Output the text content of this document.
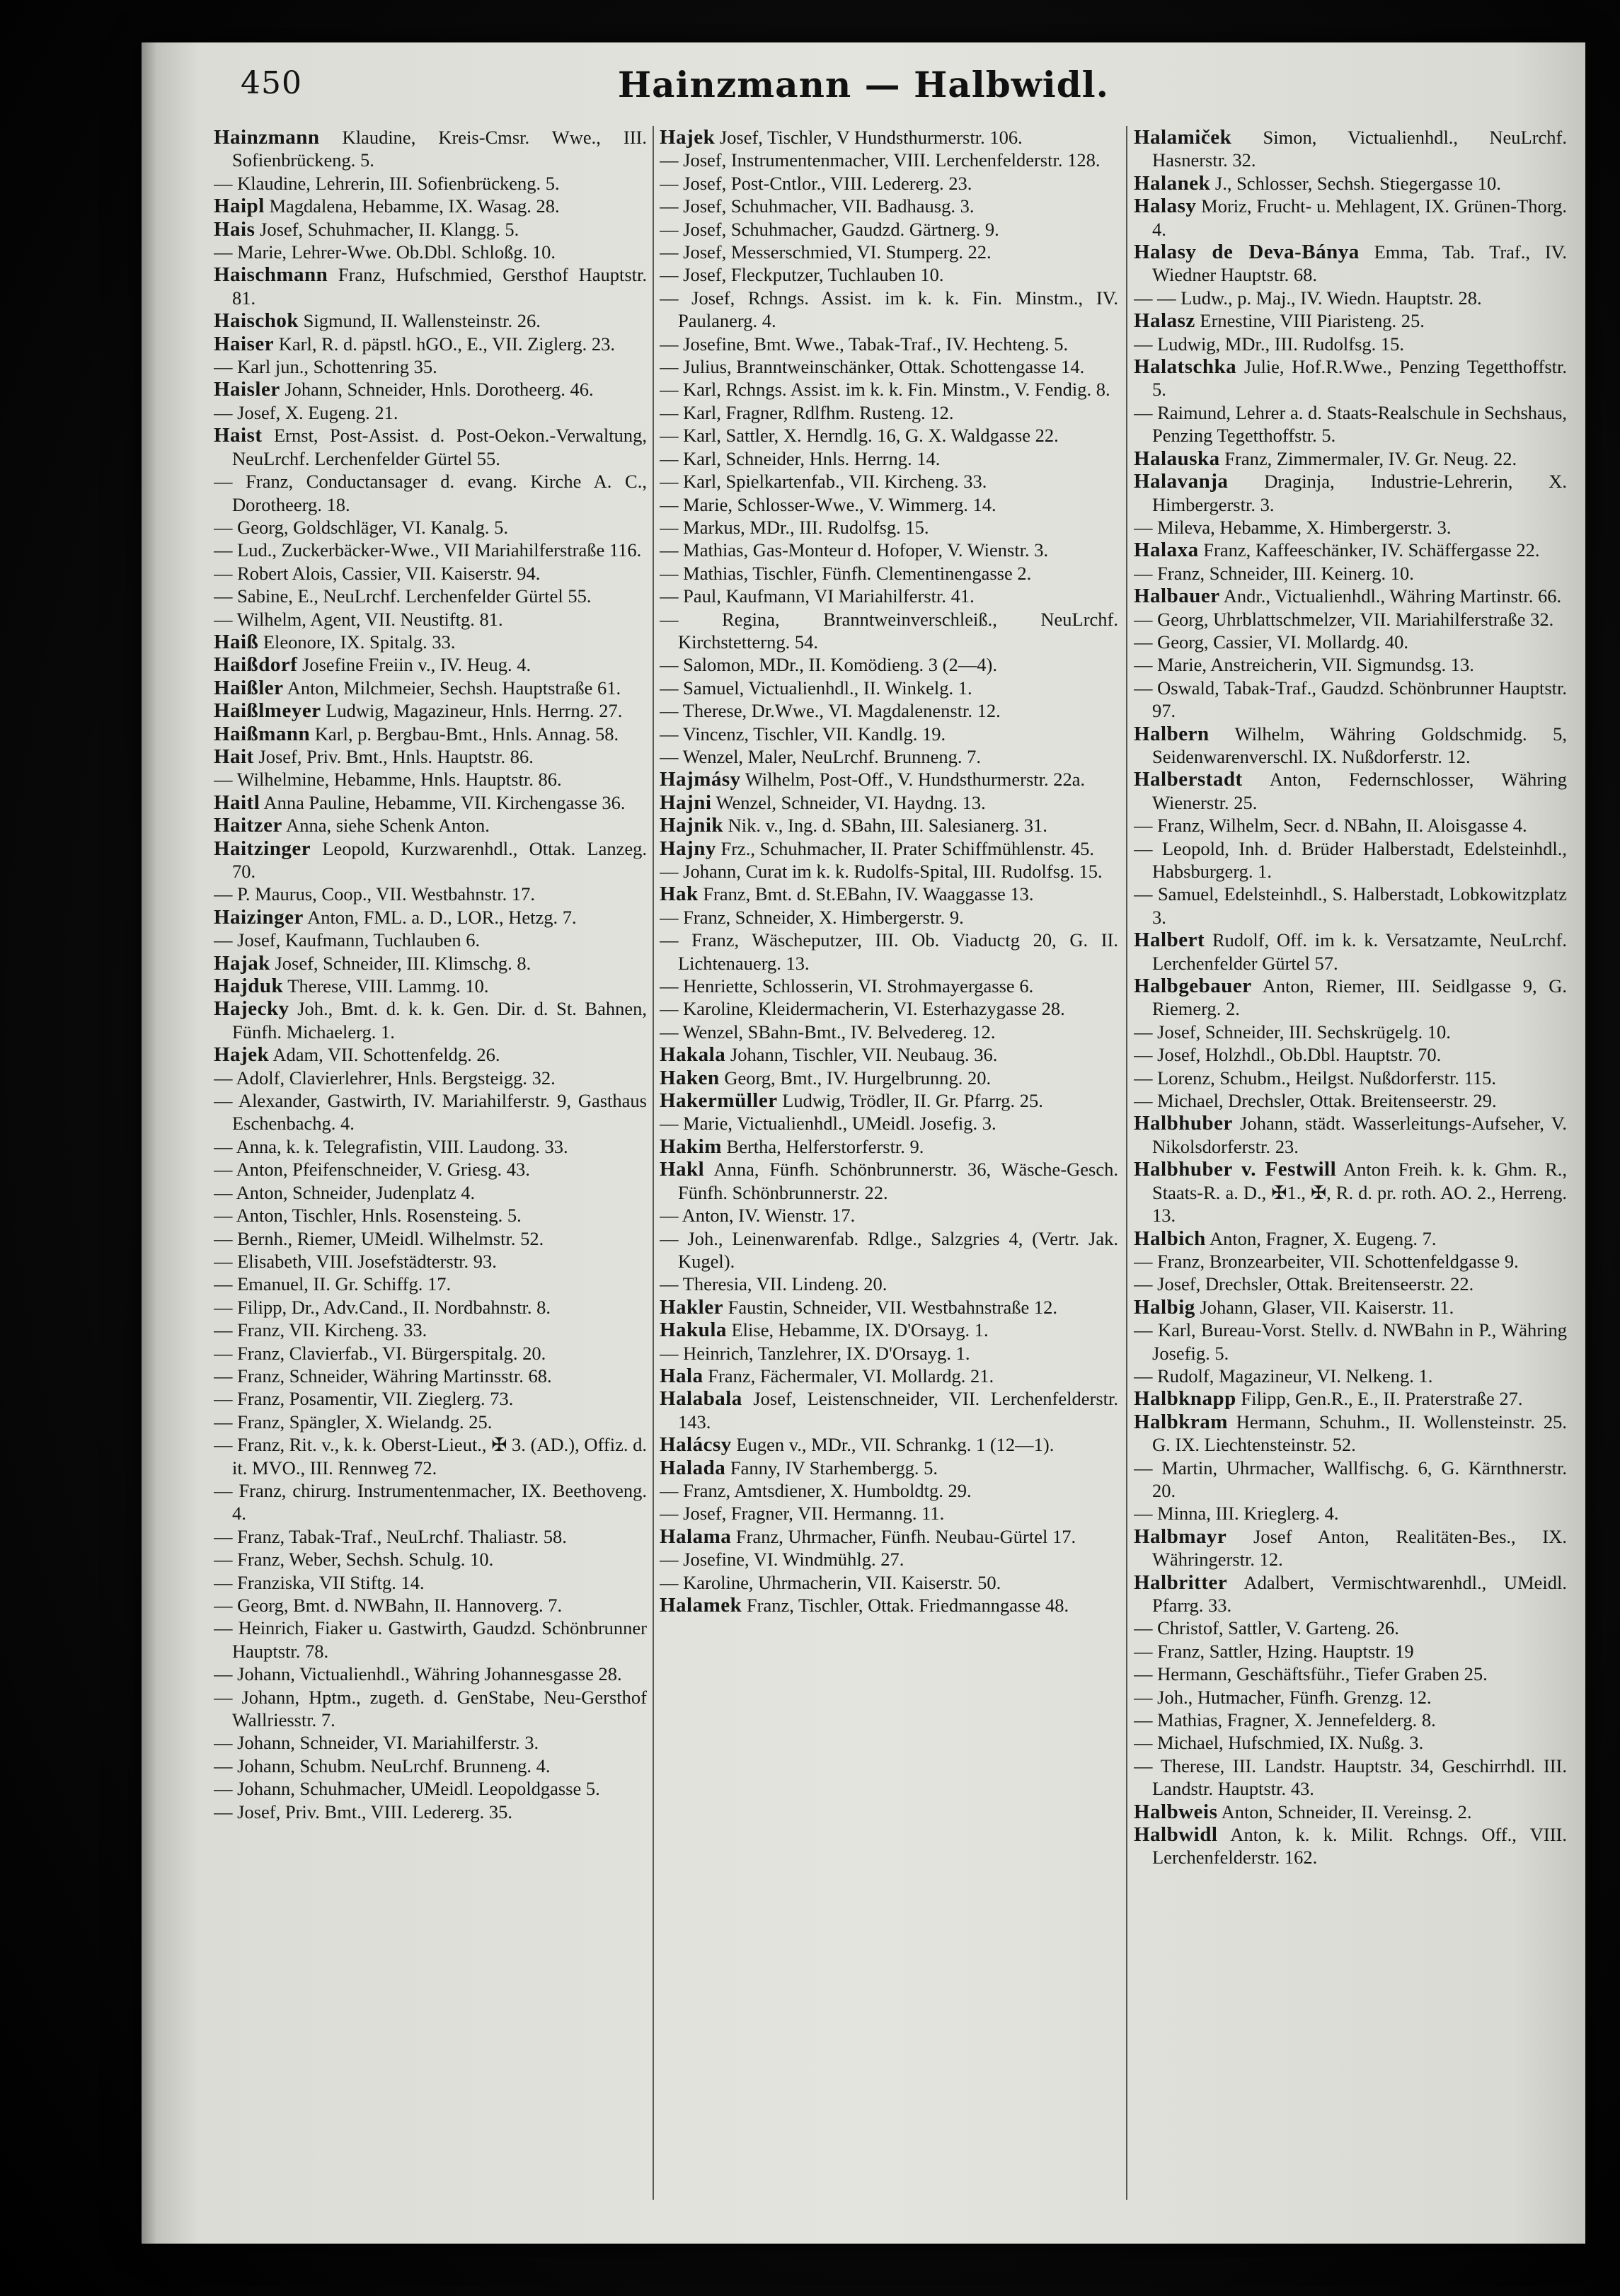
450	Hainzmann — Halbwidl.

Hainzmann Klaudine, Kreis-Cmsr. Wwe., III. Sofienbrückeng. 5.

— Klaudine, Lehrerin, III. Sofienbrückeng. 5.

Haipl Magdalena, Hebamme, IX. Wasag. 28.

Hais Josef, Schuhmacher, II. Klangg. 5.

— Marie, Lehrer-Wwe. Ob.Dbl. Schloßg. 10.

Haischmann Franz, Hufschmied, Gersthof Hauptstr. 81.

Haischok Sigmund, II. Wallensteinstr. 26.

Haiser Karl, R. d. päpstl. hGO., E., VII. Ziglerg. 23.

— Karl jun., Schottenring 35.

Haisler Johann, Schneider, Hnls. Dorotheerg. 46.

— Josef, X. Eugeng. 21.

Haist Ernst, Post-Assist. d. Post-Oekon.-Verwaltung, NeuLrchf. Lerchenfelder Gürtel 55.

— Franz, Conductansager d. evang. Kirche A. C., Dorotheerg. 18.

— Georg, Goldschläger, VI. Kanalg. 5.

— Lud., Zuckerbäcker-Wwe., VII Mariahilferstraße 116.

— Robert Alois, Cassier, VII. Kaiserstr. 94.

— Sabine, E., NeuLrchf. Lerchenfelder Gürtel 55.

— Wilhelm, Agent, VII. Neustiftg. 81.

Haiß Eleonore, IX. Spitalg. 33.

Haißdorf Josefine Freiin v., IV. Heug. 4.

Haißler Anton, Milchmeier, Sechsh. Hauptstraße 61.

Haißlmeyer Ludwig, Magazineur, Hnls. Herrng. 27.

Haißmann Karl, p. Bergbau-Bmt., Hnls. Annag. 58.

Hait Josef, Priv. Bmt., Hnls. Hauptstr. 86.

— Wilhelmine, Hebamme, Hnls. Hauptstr. 86.

Haitl Anna Pauline, Hebamme, VII. Kirchengasse 36.

Haitzer Anna, siehe Schenk Anton.

Haitzinger Leopold, Kurzwarenhdl., Ottak. Lanzeg. 70.

— P. Maurus, Coop., VII. Westbahnstr. 17.

Haizinger Anton, FML. a. D., LOR., Hetzg. 7.

— Josef, Kaufmann, Tuchlauben 6.

Hajak Josef, Schneider, III. Klimschg. 8.

Hajduk Therese, VIII. Lammg. 10.

Hajecky Joh., Bmt. d. k. k. Gen. Dir. d. St. Bahnen, Fünfh. Michaelerg. 1.

Hajek Adam, VII. Schottenfeldg. 26.

— Adolf, Clavierlehrer, Hnls. Bergsteigg. 32.

— Alexander, Gastwirth, IV. Mariahilferstr. 9, Gasthaus Eschenbachg. 4.

— Anna, k. k. Telegrafistin, VIII. Laudong. 33.

— Anton, Pfeifenschneider, V. Griesg. 43.

— Anton, Schneider, Judenplatz 4.

— Anton, Tischler, Hnls. Rosensteing. 5.

— Bernh., Riemer, UMeidl. Wilhelmstr. 52.

— Elisabeth, VIII. Josefstädterstr. 93.

— Emanuel, II. Gr. Schiffg. 17.

— Filipp, Dr., Adv.Cand., II. Nordbahnstr. 8.

— Franz, VII. Kircheng. 33.

— Franz, Clavierfab., VI. Bürgerspitalg. 20.

— Franz, Schneider, Währing Martinsstr. 68.

— Franz, Posamentir, VII. Zieglerg. 73.

— Franz, Spängler, X. Wielandg. 25.

— Franz, Rit. v., k. k. Oberst-Lieut., ✠ 3. (AD.), Offiz. d. it. MVO., III. Rennweg 72.

— Franz, chirurg. Instrumentenmacher, IX. Beethoveng. 4.

— Franz, Tabak-Traf., NeuLrchf. Thaliastr. 58.

— Franz, Weber, Sechsh. Schulg. 10.

— Franziska, VII Stiftg. 14.

— Georg, Bmt. d. NWBahn, II. Hannoverg. 7.

— Heinrich, Fiaker u. Gastwirth, Gaudzd. Schönbrunner Hauptstr. 78.

— Johann, Victualienhdl., Währing Johannesgasse 28.

— Johann, Hptm., zugeth. d. GenStabe, Neu-Gersthof Wallriesstr. 7.

— Johann, Schneider, VI. Mariahilferstr. 3.

— Johann, Schubm. NeuLrchf. Brunneng. 4.

— Johann, Schuhmacher, UMeidl. Leopoldgasse 5.

— Josef, Priv. Bmt., VIII. Ledererg. 35.

Hajek Josef, Tischler, V Hundsthurmerstr. 106.

— Josef, Instrumentenmacher, VIII. Lerchenfelderstr. 128.

— Josef, Post-Cntlor., VIII. Ledererg. 23.

— Josef, Schuhmacher, VII. Badhausg. 3.

— Josef, Schuhmacher, Gaudzd. Gärtnerg. 9.

— Josef, Messerschmied, VI. Stumperg. 22.

— Josef, Fleckputzer, Tuchlauben 10.

— Josef, Rchngs. Assist. im k. k. Fin. Minstm., IV. Paulanerg. 4.

— Josefine, Bmt. Wwe., Tabak-Traf., IV. Hechteng. 5.

— Julius, Branntweinschänker, Ottak. Schottengasse 14.

— Karl, Rchngs. Assist. im k. k. Fin. Minstm., V. Fendig. 8.

— Karl, Fragner, Rdlfhm. Rusteng. 12.

— Karl, Sattler, X. Herndlg. 16, G. X. Waldgasse 22.

— Karl, Schneider, Hnls. Herrng. 14.

— Karl, Spielkartenfab., VII. Kircheng. 33.

— Marie, Schlosser-Wwe., V. Wimmerg. 14.

— Markus, MDr., III. Rudolfsg. 15.

— Mathias, Gas-Monteur d. Hofoper, V. Wienstr. 3.

— Mathias, Tischler, Fünfh. Clementinengasse 2.

— Paul, Kaufmann, VI Mariahilferstr. 41.

— Regina, Branntweinverschleiß., NeuLrchf. Kirchstetterng. 54.

— Salomon, MDr., II. Komödieng. 3 (2—4).

— Samuel, Victualienhdl., II. Winkelg. 1.

— Therese, Dr.Wwe., VI. Magdalenenstr. 12.

— Vincenz, Tischler, VII. Kandlg. 19.

— Wenzel, Maler, NeuLrchf. Brunneng. 7.

Hajmásy Wilhelm, Post-Off., V. Hundsthurmerstr. 22a.

Hajni Wenzel, Schneider, VI. Haydng. 13.

Hajnik Nik. v., Ing. d. SBahn, III. Salesianerg. 31.

Hajny Frz., Schuhmacher, II. Prater Schiffmühlenstr. 45.

— Johann, Curat im k. k. Rudolfs-Spital, III. Rudolfsg. 15.

Hak Franz, Bmt. d. St.EBahn, IV. Waaggasse 13.

— Franz, Schneider, X. Himbergerstr. 9.

— Franz, Wäscheputzer, III. Ob. Viaductg 20, G. II. Lichtenauerg. 13.

— Henriette, Schlosserin, VI. Strohmayergasse 6.

— Karoline, Kleidermacherin, VI. Esterhazygasse 28.

— Wenzel, SBahn-Bmt., IV. Belvedereg. 12.

Hakala Johann, Tischler, VII. Neubaug. 36.

Haken Georg, Bmt., IV. Hurgelbrunng. 20.

Hakermüller Ludwig, Trödler, II. Gr. Pfarrg. 25.

— Marie, Victualienhdl., UMeidl. Josefig. 3.

Hakim Bertha, Helferstorferstr. 9.

Hakl Anna, Fünfh. Schönbrunnerstr. 36, Wäsche-Gesch. Fünfh. Schönbrunnerstr. 22.

— Anton, IV. Wienstr. 17.

— Joh., Leinenwarenfab. Rdlge., Salzgries 4, (Vertr. Jak. Kugel).

— Theresia, VII. Lindeng. 20.

Hakler Faustin, Schneider, VII. Westbahnstraße 12.

Hakula Elise, Hebamme, IX. D'Orsayg. 1.

— Heinrich, Tanzlehrer, IX. D'Orsayg. 1.

Hala Franz, Fächermaler, VI. Mollardg. 21.

Halabala Josef, Leistenschneider, VII. Lerchenfelderstr. 143.

Halácsy Eugen v., MDr., VII. Schrankg. 1 (12—1).

Halada Fanny, IV Starhembergg. 5.

— Franz, Amtsdiener, X. Humboldtg. 29.

— Josef, Fragner, VII. Hermanng. 11.

Halama Franz, Uhrmacher, Fünfh. Neubau-Gürtel 17.

— Josefine, VI. Windmühlg. 27.

— Karoline, Uhrmacherin, VII. Kaiserstr. 50.

Halamek Franz, Tischler, Ottak. Friedmanngasse 48.

Halamiček Simon, Victualienhdl., NeuLrchf. Hasnerstr. 32.

Halanek J., Schlosser, Sechsh. Stiegergasse 10.

Halasy Moriz, Frucht- u. Mehlagent, IX. Grünen-Thorg. 4.

Halasy de Deva-Bánya Emma, Tab. Traf., IV. Wiedner Hauptstr. 68.

— — Ludw., p. Maj., IV. Wiedn. Hauptstr. 28.

Halasz Ernestine, VIII Piaristeng. 25.

— Ludwig, MDr., III. Rudolfsg. 15.

Halatschka Julie, Hof.R.Wwe., Penzing Tegetthoffstr. 5.

— Raimund, Lehrer a. d. Staats-Realschule in Sechshaus, Penzing Tegetthoffstr. 5.

Halauska Franz, Zimmermaler, IV. Gr. Neug. 22.

Halavanja Draginja, Industrie-Lehrerin, X. Himbergerstr. 3.

— Mileva, Hebamme, X. Himbergerstr. 3.

Halaxa Franz, Kaffeeschänker, IV. Schäffergasse 22.

— Franz, Schneider, III. Keinerg. 10.

Halbauer Andr., Victualienhdl., Währing Martinstr. 66.

— Georg, Uhrblattschmelzer, VII. Mariahilferstraße 32.

— Georg, Cassier, VI. Mollardg. 40.

— Marie, Anstreicherin, VII. Sigmundsg. 13.

— Oswald, Tabak-Traf., Gaudzd. Schönbrunner Hauptstr. 97.

Halbern Wilhelm, Währing Goldschmidg. 5, Seidenwarenverschl. IX. Nußdorferstr. 12.

Halberstadt Anton, Federnschlosser, Währing Wienerstr. 25.

— Franz, Wilhelm, Secr. d. NBahn, II. Aloisgasse 4.

— Leopold, Inh. d. Brüder Halberstadt, Edelsteinhdl., Habsburgerg. 1.

— Samuel, Edelsteinhdl., S. Halberstadt, Lobkowitzplatz 3.

Halbert Rudolf, Off. im k. k. Versatzamte, NeuLrchf. Lerchenfelder Gürtel 57.

Halbgebauer Anton, Riemer, III. Seidlgasse 9, G. Riemerg. 2.

— Josef, Schneider, III. Sechskrügelg. 10.

— Josef, Holzhdl., Ob.Dbl. Hauptstr. 70.

— Lorenz, Schubm., Heilgst. Nußdorferstr. 115.

— Michael, Drechsler, Ottak. Breitenseerstr. 29.

Halbhuber Johann, städt. Wasserleitungs-Aufseher, V. Nikolsdorferstr. 23.

Halbhuber v. Festwill Anton Freih. k. k. Ghm. R., Staats-R. a. D., ✠1., ✠, R. d. pr. roth. AO. 2., Herreng. 13.

Halbich Anton, Fragner, X. Eugeng. 7.

— Franz, Bronzearbeiter, VII. Schottenfeldgasse 9.

— Josef, Drechsler, Ottak. Breitenseerstr. 22.

Halbig Johann, Glaser, VII. Kaiserstr. 11.

— Karl, Bureau-Vorst. Stellv. d. NWBahn in P., Währing Josefig. 5.

— Rudolf, Magazineur, VI. Nelkeng. 1.

Halbknapp Filipp, Gen.R., E., II. Praterstraße 27.

Halbkram Hermann, Schuhm., II. Wollensteinstr. 25. G. IX. Liechtensteinstr. 52.

— Martin, Uhrmacher, Wallfischg. 6, G. Kärnthnerstr. 20.

— Minna, III. Krieglerg. 4.

Halbmayr Josef Anton, Realitäten-Bes., IX. Währingerstr. 12.

Halbritter Adalbert, Vermischtwarenhdl., UMeidl. Pfarrg. 33.

— Christof, Sattler, V. Garteng. 26.

— Franz, Sattler, Hzing. Hauptstr. 19

— Hermann, Geschäftsführ., Tiefer Graben 25.

— Joh., Hutmacher, Fünfh. Grenzg. 12.

— Mathias, Fragner, X. Jennefelderg. 8.

— Michael, Hufschmied, IX. Nußg. 3.

— Therese, III. Landstr. Hauptstr. 34, Geschirrhdl. III. Landstr. Hauptstr. 43.

Halbweis Anton, Schneider, II. Vereinsg. 2.

Halbwidl Anton, k. k. Milit. Rchngs. Off., VIII. Lerchenfelderstr. 162.
